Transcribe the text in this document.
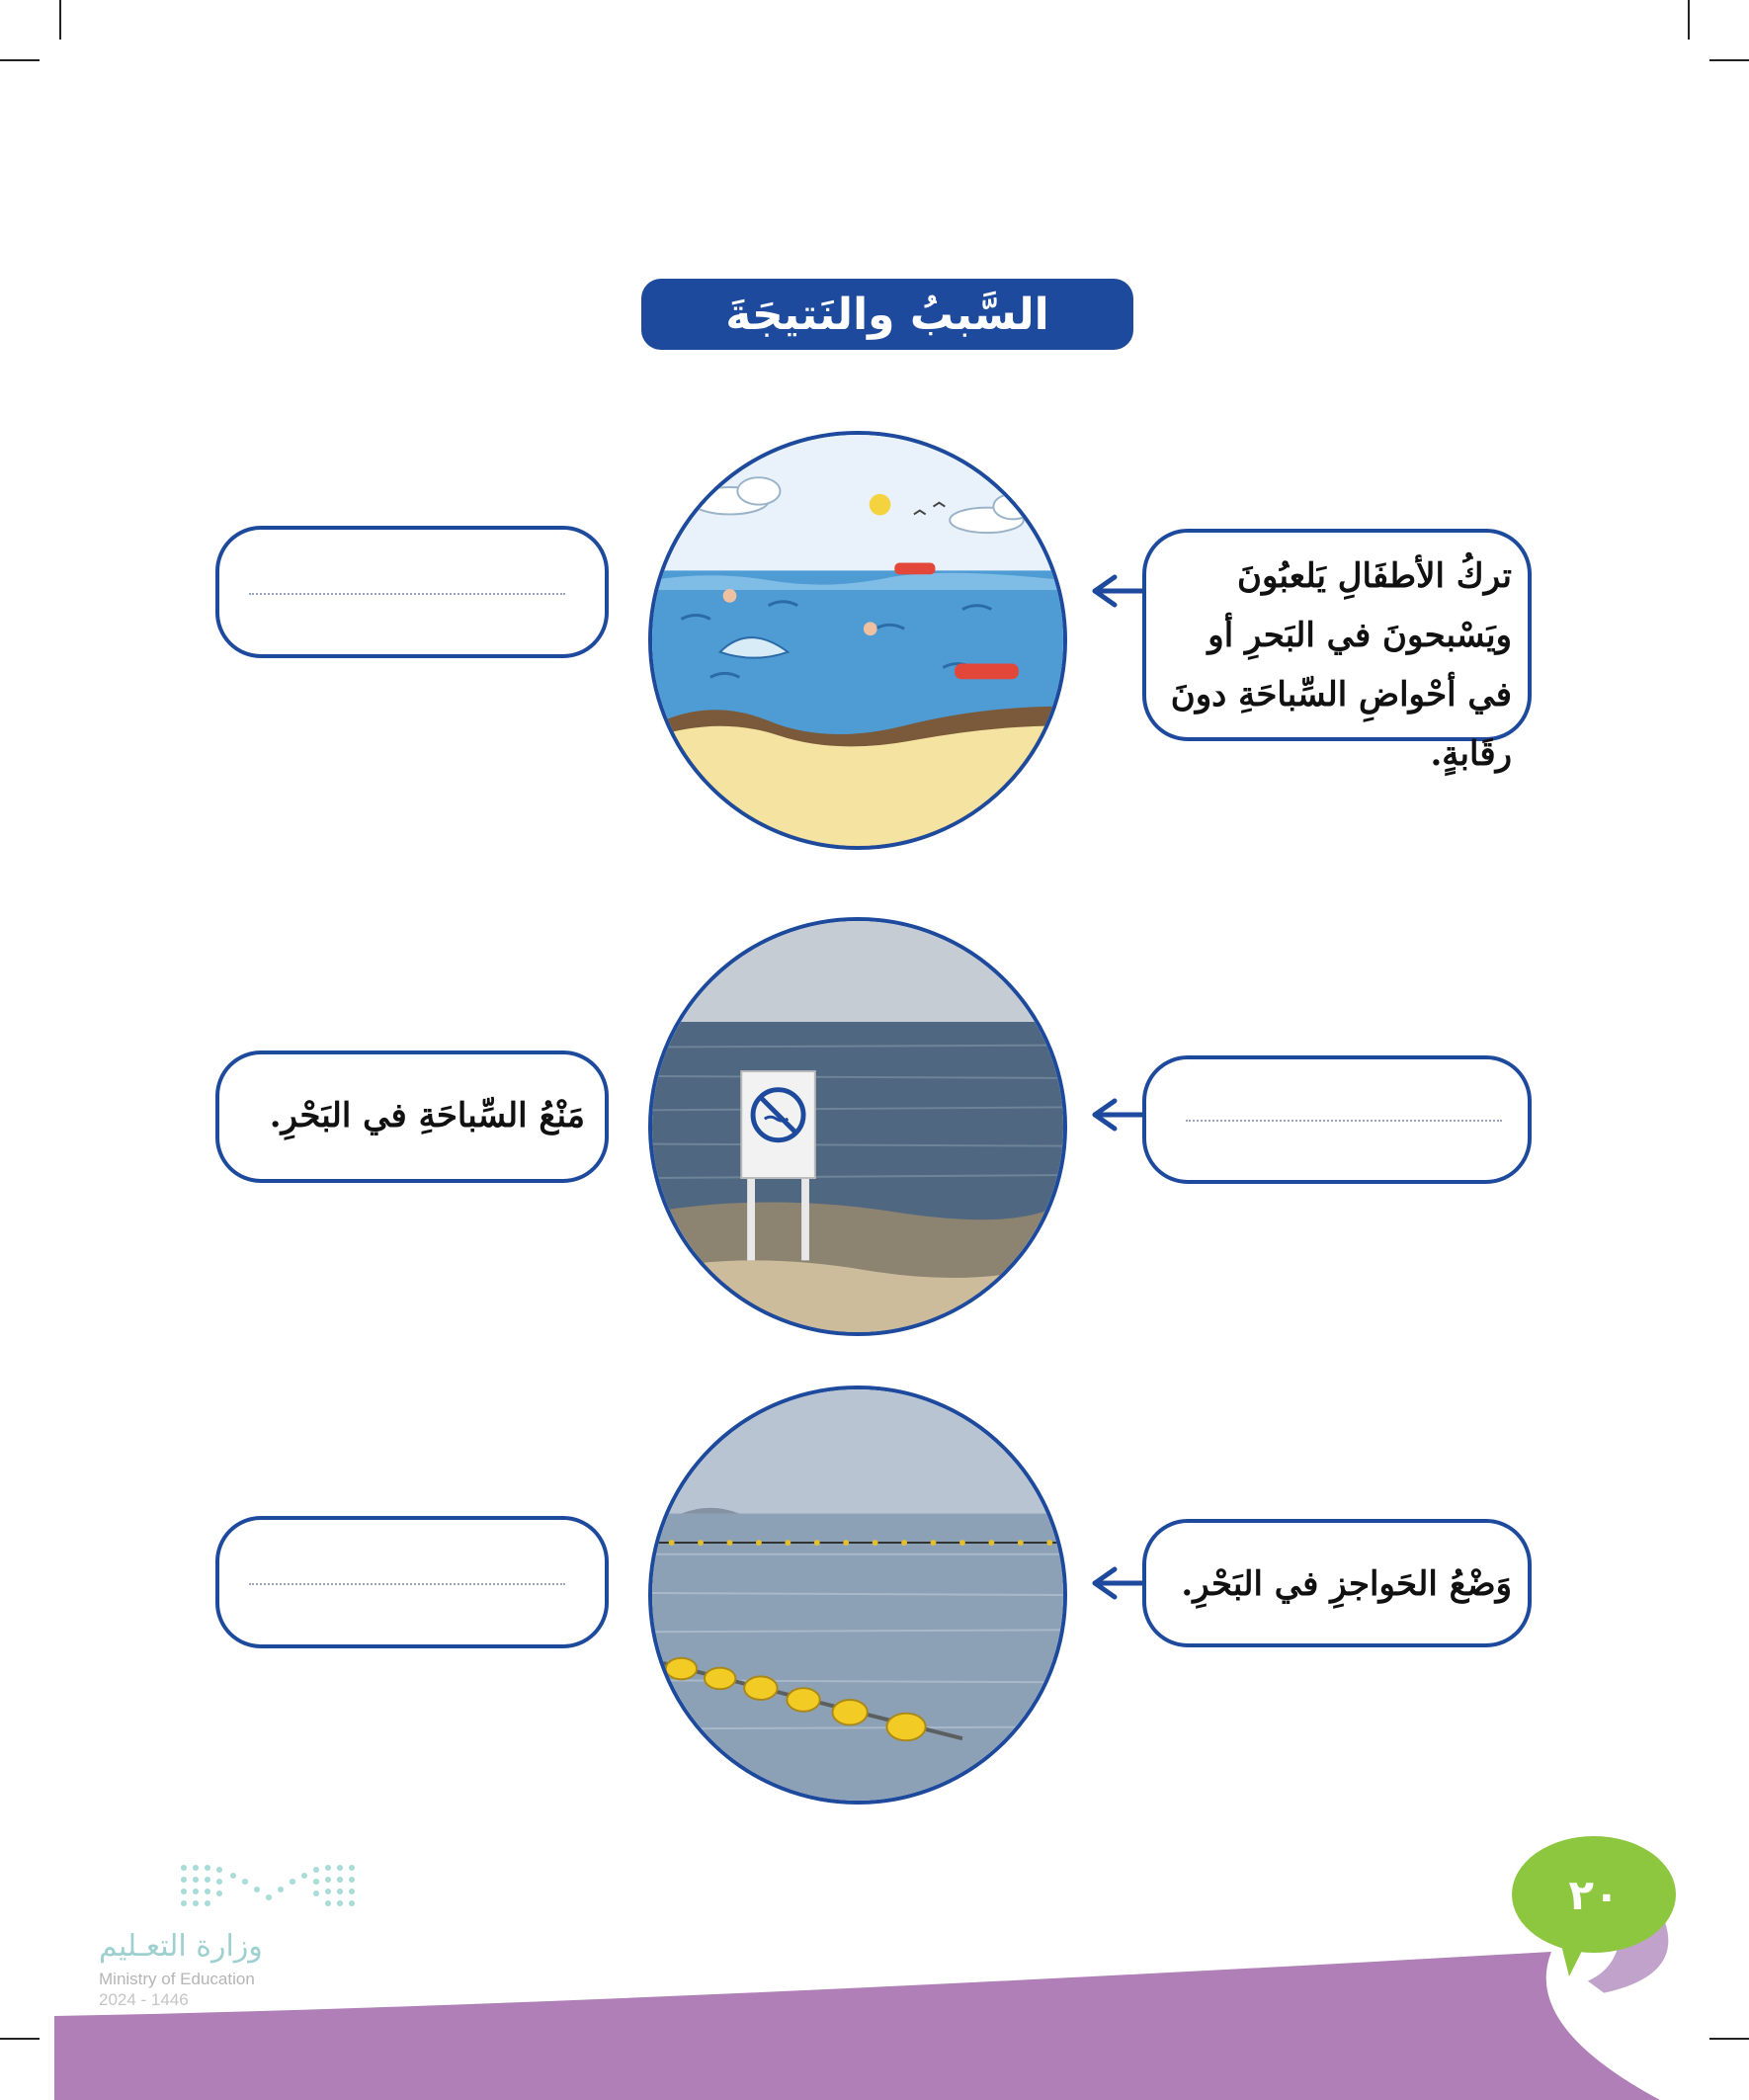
السَّببُ والنَتيجَةَ
تركُ الأطفَالِ يَلعبُونَ ويَسْبحونَ في البَحرِ أو في أحْواضِ السِّباحَةِ دونَ رقَابةٍ.
مَنْعُ السِّباحَةِ في البَحْرِ.
وَضْعُ الحَواجزِ في البَحْرِ.
٢٠
وزارة التعـليم
Ministry of Education
2024 - 1446
